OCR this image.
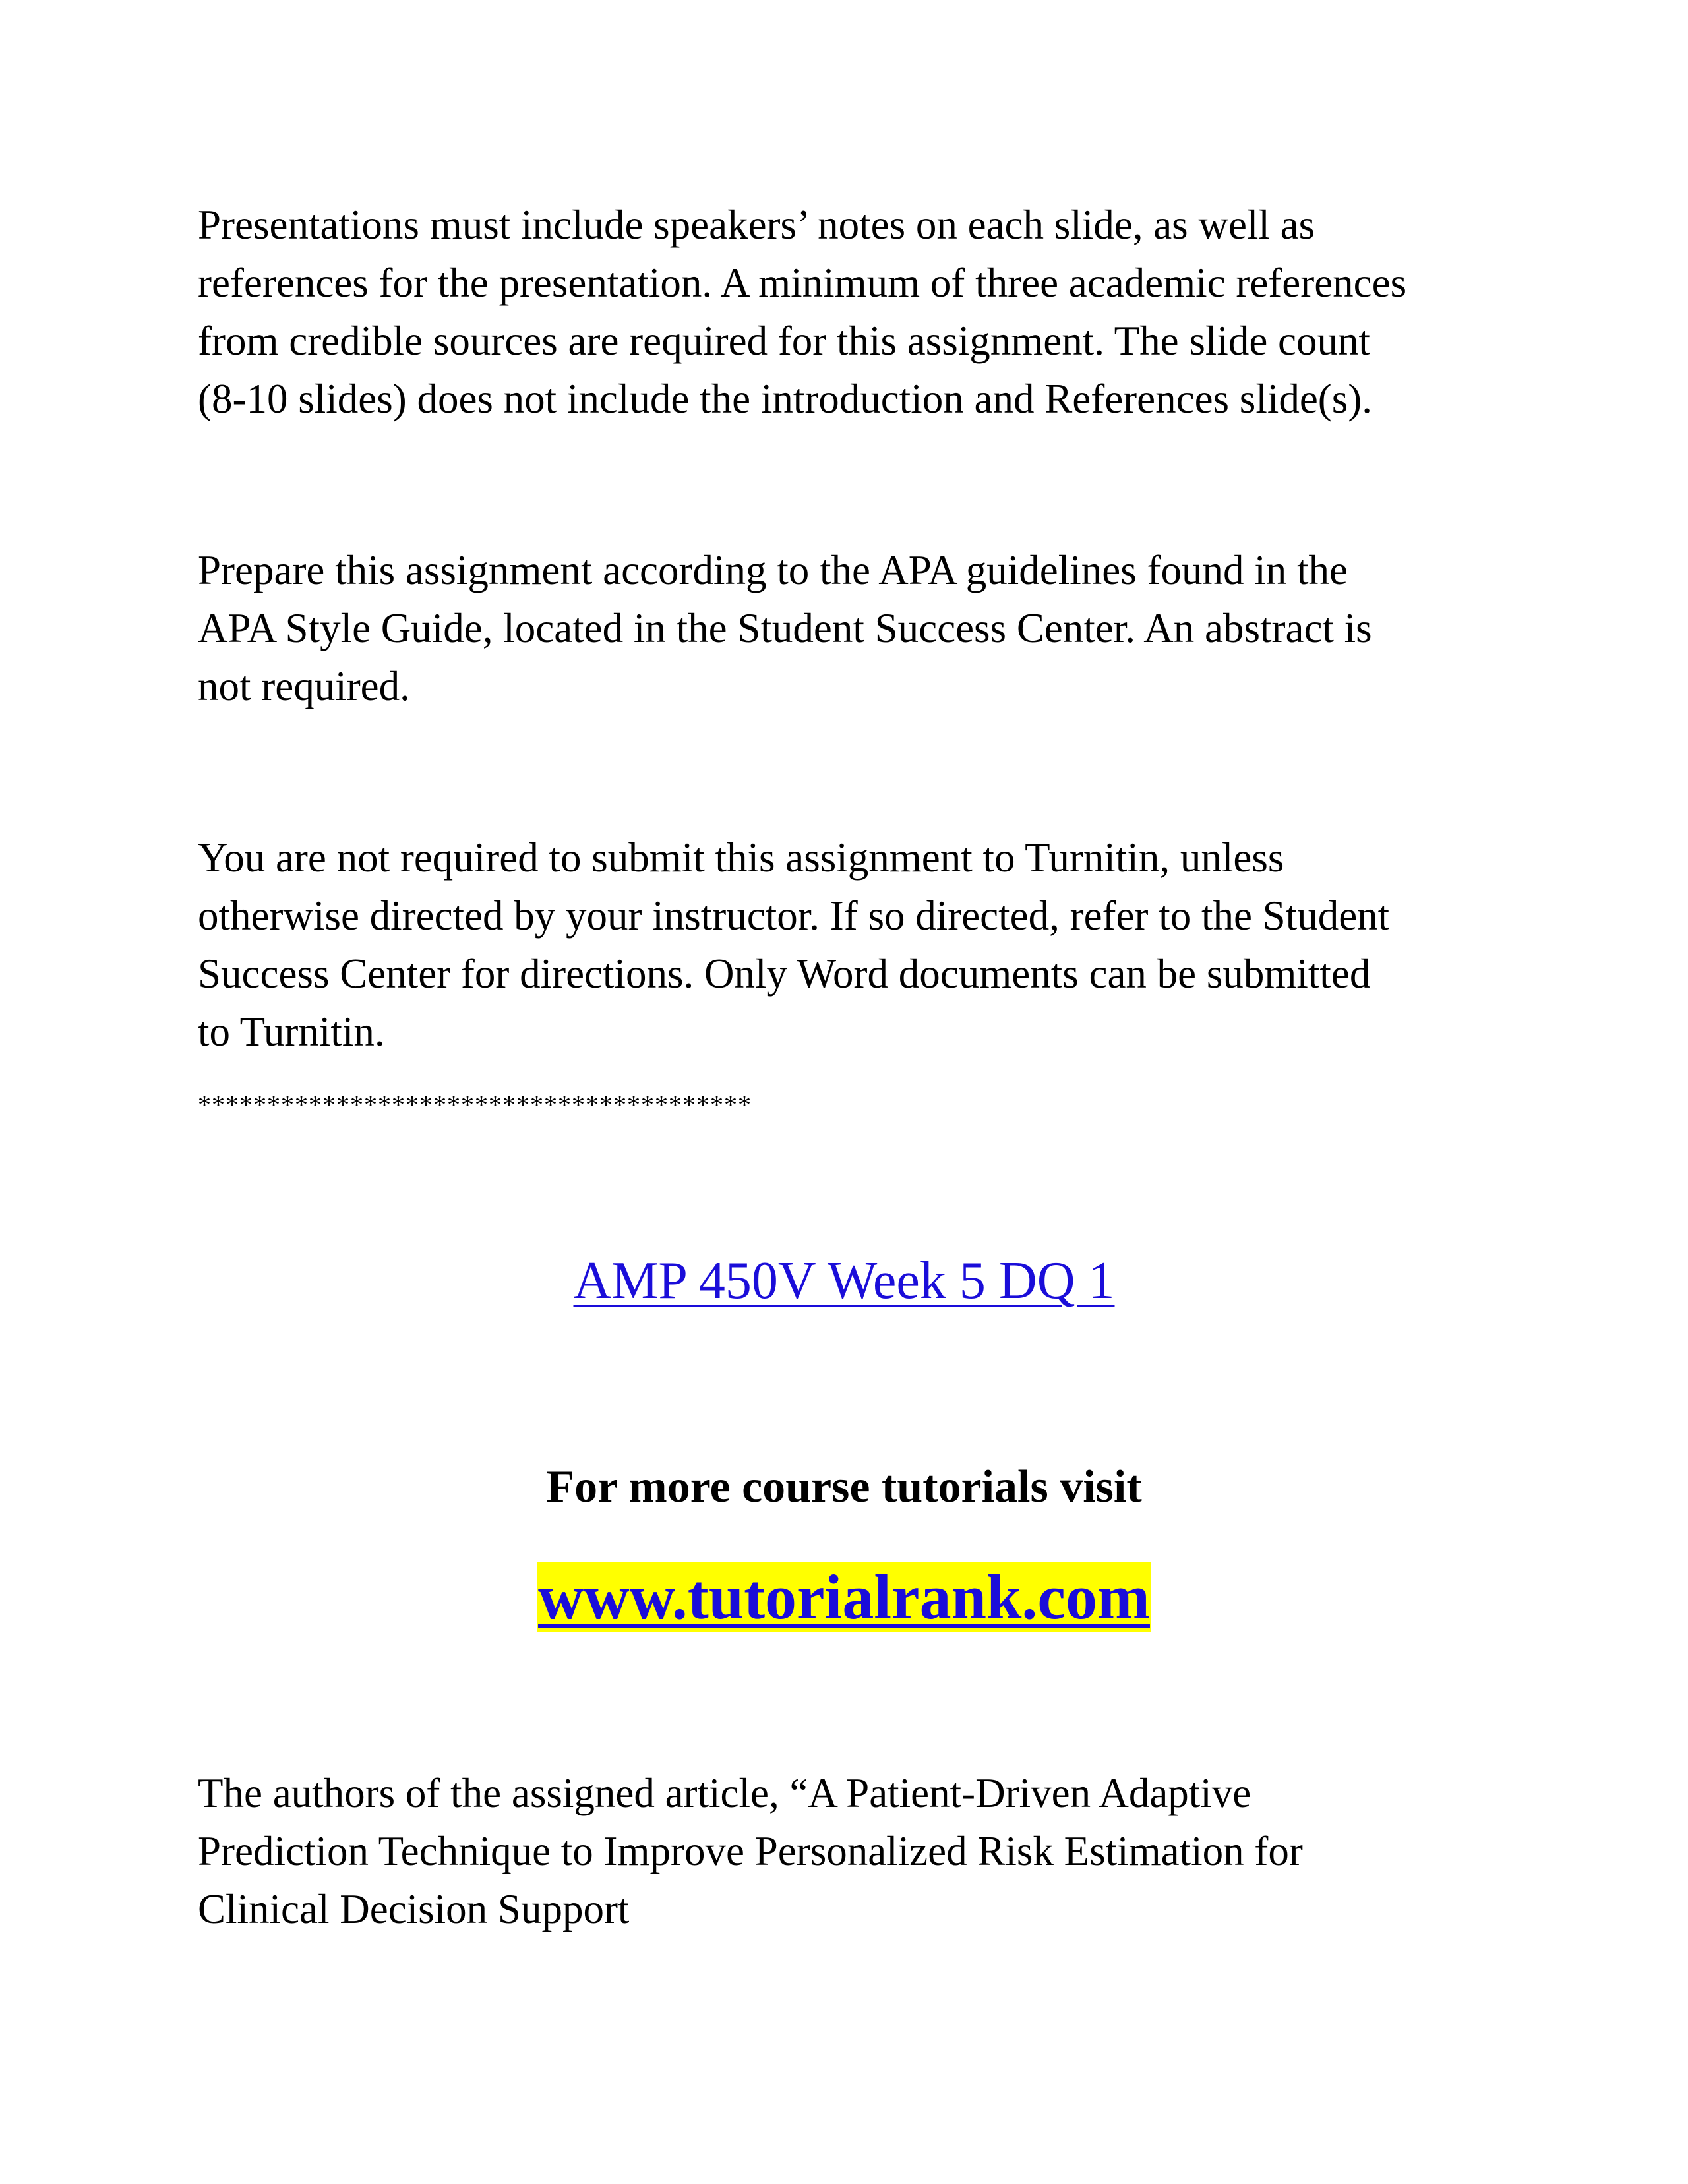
Presentations must include speakers’ notes on each slide, as well as
references for the presentation. A minimum of three academic references
from credible sources are required for this assignment. The slide count
(8-10 slides) does not include the introduction and References slide(s).

Prepare this assignment according to the APA guidelines found in the
APA Style Guide, located in the Student Success Center. An abstract is
not required.

You are not required to submit this assignment to Turnitin, unless
otherwise directed by your instructor. If so directed, refer to the Student
Success Center for directions. Only Word documents can be submitted
to Turnitin.

****************************************
AMP 450V Week 5 DQ 1
For more course tutorials visit
www.tutorialrank.com

The authors of the assigned article, “A Patient-Driven Adaptive
Prediction Technique to Improve Personalized Risk Estimation for
Clinical Decision Support
